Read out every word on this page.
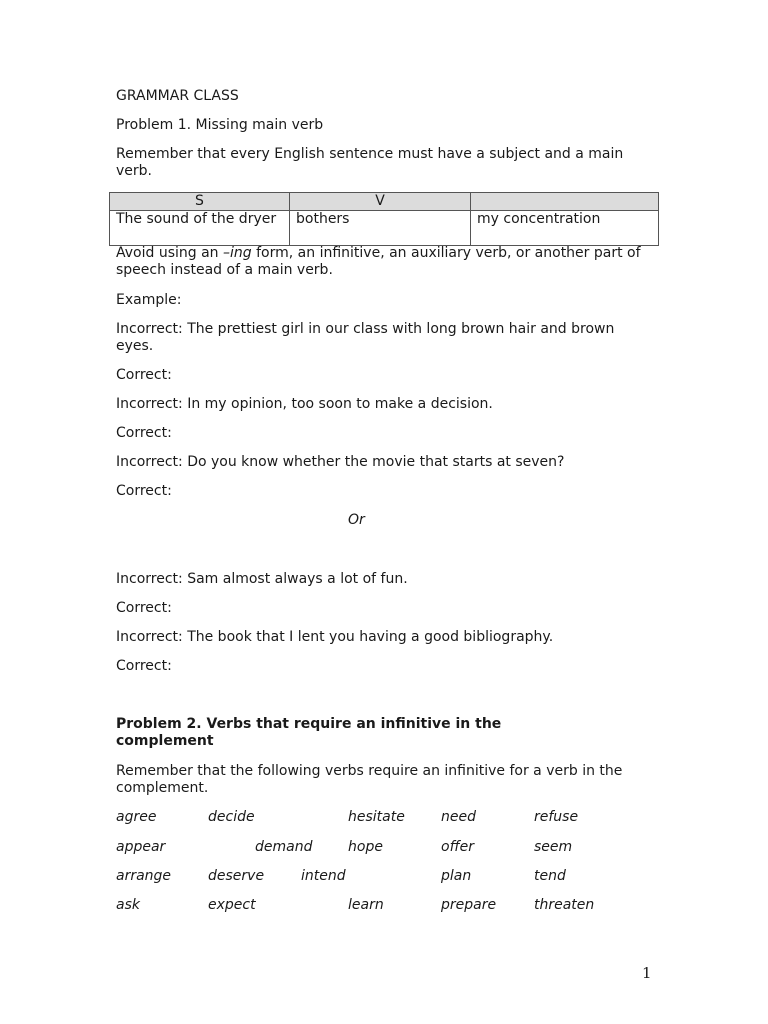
GRAMMAR CLASS
Problem 1. Missing main verb
Remember that every English sentence must have a subject and a main verb.
S	V	
The sound of the dryer	bothers	my concentration
Avoid using an –ing form, an infinitive, an auxiliary verb, or another part of speech instead of a main verb.
Example:
Incorrect: The prettiest girl in our class with long brown hair and brown eyes.
Correct:
Incorrect: In my opinion, too soon to make a decision.
Correct:
Incorrect: Do you know whether the movie that starts at seven?
Correct:
Or
Incorrect: Sam almost always a lot of fun.
Correct:
Incorrect: The book that I lent you having a good bibliography.
Correct:
Problem 2. Verbs that require an infinitive in the complement
Remember that the following verbs require an infinitive for a verb in the complement.
agree	decide	hesitate	need	refuse
appear	demand	hope	offer	seem
arrange	deserve	intend	plan	tend
ask	expect	learn	prepare	threaten
1
